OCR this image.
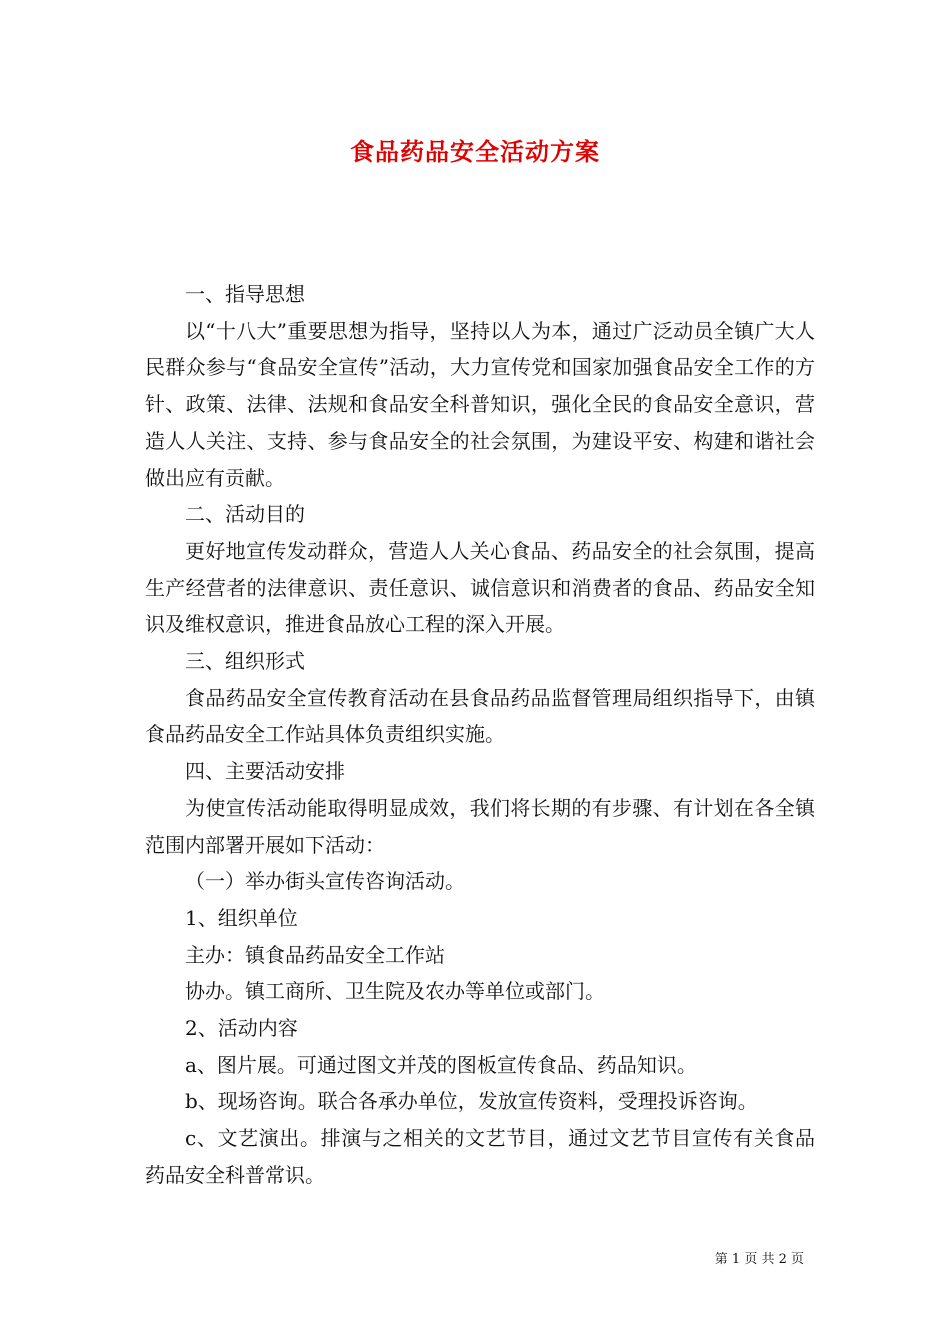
食品药品安全活动方案

一、指导思想

以“十八大”重要思想为指导，坚持以人为本，通过广泛动员全镇广大人民群众参与“食品安全宣传”活动，大力宣传党和国家加强食品安全工作的方针、政策、法律、法规和食品安全科普知识，强化全民的食品安全意识，营造人人关注、支持、参与食品安全的社会氛围，为建设平安、构建和谐社会做出应有贡献。

二、活动目的

更好地宣传发动群众，营造人人关心食品、药品安全的社会氛围，提高生产经营者的法律意识、责任意识、诚信意识和消费者的食品、药品安全知识及维权意识，推进食品放心工程的深入开展。

三、组织形式

食品药品安全宣传教育活动在县食品药品监督管理局组织指导下，由镇食品药品安全工作站具体负责组织实施。

四、主要活动安排

为使宣传活动能取得明显成效，我们将长期的有步骤、有计划在各全镇范围内部署开展如下活动：

（一）举办街头宣传咨询活动。

1、组织单位

主办：镇食品药品安全工作站

协办。镇工商所、卫生院及农办等单位或部门。

2、活动内容

a、图片展。可通过图文并茂的图板宣传食品、药品知识。

b、现场咨询。联合各承办单位，发放宣传资料，受理投诉咨询。

c、文艺演出。排演与之相关的文艺节目，通过文艺节目宣传有关食品药品安全科普常识。

第 1 页 共 2 页
